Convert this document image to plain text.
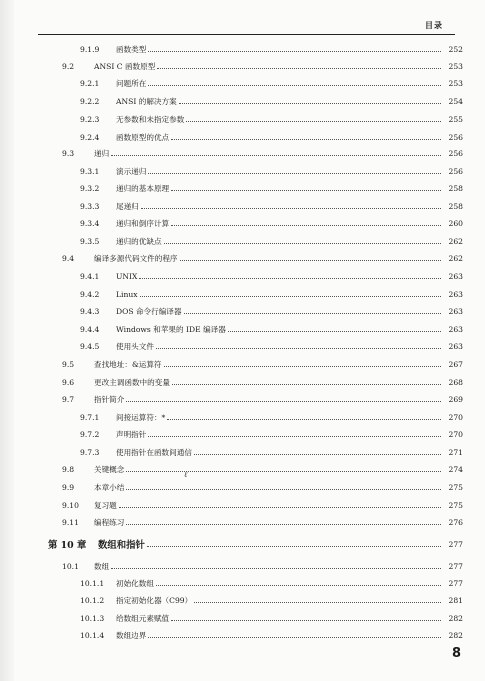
目录
9.1.9	函数类型	252
9.2	ANSI C 函数原型	253
9.2.1	问题所在	253
9.2.2	ANSI 的解决方案	254
9.2.3	无参数和未指定参数	255
9.2.4	函数原型的优点	256
9.3	递归	256
9.3.1	演示递归	256
9.3.2	递归的基本原理	258
9.3.3	尾递归	258
9.3.4	递归和倒序计算	260
9.3.5	递归的优缺点	262
9.4	编译多源代码文件的程序	262
9.4.1	UNIX	263
9.4.2	Linux	263
9.4.3	DOS 命令行编译器	263
9.4.4	Windows 和苹果的 IDE 编译器	263
9.4.5	使用头文件	263
9.5	查找地址：&运算符	267
9.6	更改主调函数中的变量	268
9.7	指针简介	269
9.7.1	间接运算符：*	270
9.7.2	声明指针	270
9.7.3	使用指针在函数间通信	271
9.8	关键概念	274
9.9	本章小结	275
9.10	复习题	275
9.11	编程练习	276
第 10 章	数组和指针	277
10.1	数组	277
10.1.1	初始化数组	277
10.1.2	指定初始化器（C99）	281
10.1.3	给数组元素赋值	282
10.1.4	数组边界	282
ℓ
8
